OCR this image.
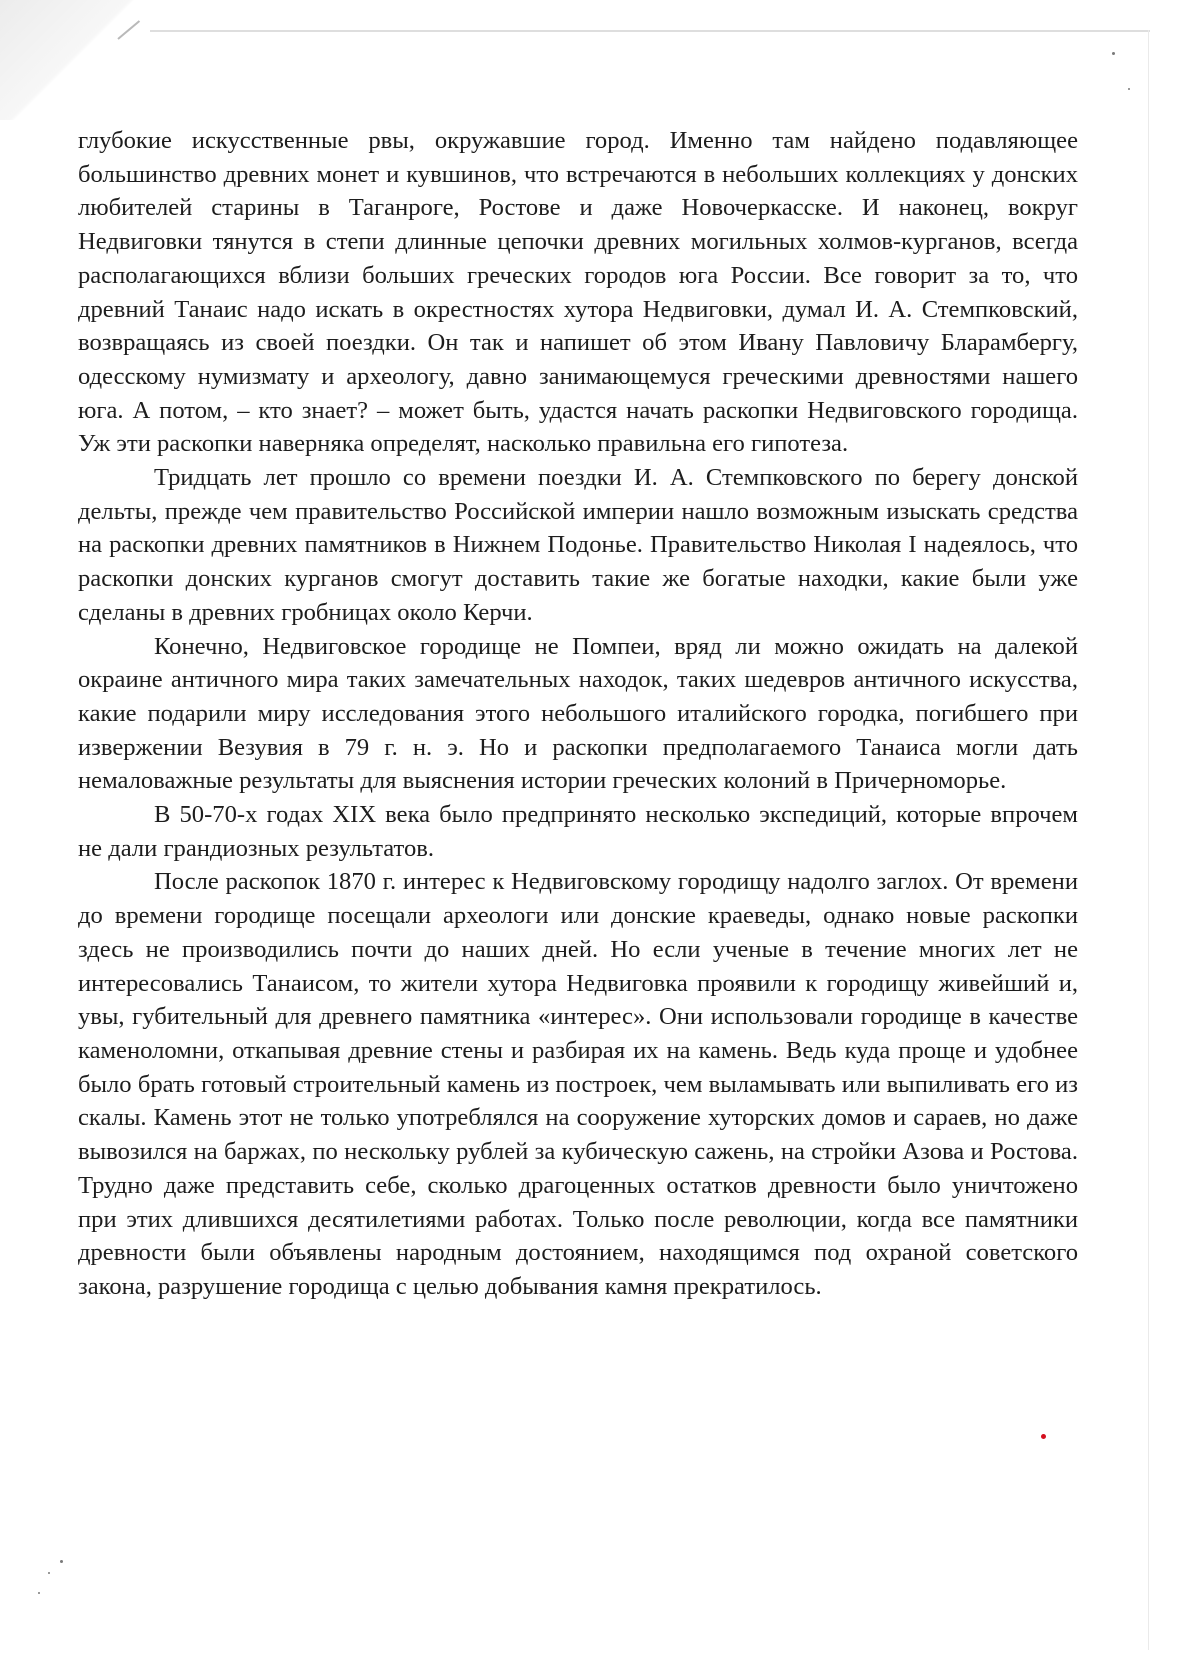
глубокие искусственные рвы, окружавшие город. Именно там найдено подавляющее большинство древних монет и кувшинов, что встречаются в небольших коллекциях у донских любителей старины в Таганроге, Ростове и даже Новочеркасске. И наконец, вокруг Недвиговки тянутся в степи длинные цепочки древних могильных холмов-курганов, всегда располагающихся вблизи больших греческих городов юга России. Все говорит за то, что древний Танаис надо искать в окрестностях хутора Недвиговки, думал И. А. Стемпковский, возвращаясь из своей поездки. Он так и напишет об этом Ивану Павловичу Бларамбергу, одесскому нумизмату и археологу, давно занимающемуся греческими древностями нашего юга. А потом, – кто знает? – может быть, удастся начать раскопки Недвиговского городища. Уж эти раскопки наверняка определят, насколько правильна его гипотеза.

Тридцать лет прошло со времени поездки И. А. Стемпковского по берегу донской дельты, прежде чем правительство Российской империи нашло возможным изыскать средства на раскопки древних памятников в Нижнем Подонье. Правительство Николая I надеялось, что раскопки донских курганов смогут доставить такие же богатые находки, какие были уже сделаны в древних гробницах около Керчи.

Конечно, Недвиговское городище не Помпеи, вряд ли можно ожидать на далекой окраине античного мира таких замечательных находок, таких шедевров античного искусства, какие подарили миру исследования этого небольшого италийского городка, погибшего при извержении Везувия в 79 г. н. э. Но и раскопки предполагаемого Танаиса могли дать немаловажные результаты для выяснения истории греческих колоний в Причерноморье.

В 50-70-х годах XIX века было предпринято несколько экспедиций, которые впрочем не дали грандиозных результатов.

После раскопок 1870 г. интерес к Недвиговскому городищу надолго заглох. От времени до времени городище посещали археологи или донские краеведы, однако новые раскопки здесь не производились почти до наших дней. Но если ученые в течение многих лет не интересовались Танаисом, то жители хутора Недвиговка проявили к городищу живейший и, увы, губительный для древнего памятника «интерес». Они использовали городище в качестве каменоломни, откапывая древние стены и разбирая их на камень. Ведь куда проще и удобнее было брать готовый строительный камень из построек, чем выламывать или выпиливать его из скалы. Камень этот не только употреблялся на сооружение хуторских домов и сараев, но даже вывозился на баржах, по нескольку рублей за кубическую сажень, на стройки Азова и Ростова. Трудно даже представить себе, сколько драгоценных остатков древности было уничтожено при этих длившихся десятилетиями работах. Только после революции, когда все памятники древности были объявлены народным достоянием, находящимся под охраной советского закона, разрушение городища с целью добывания камня прекратилось.
